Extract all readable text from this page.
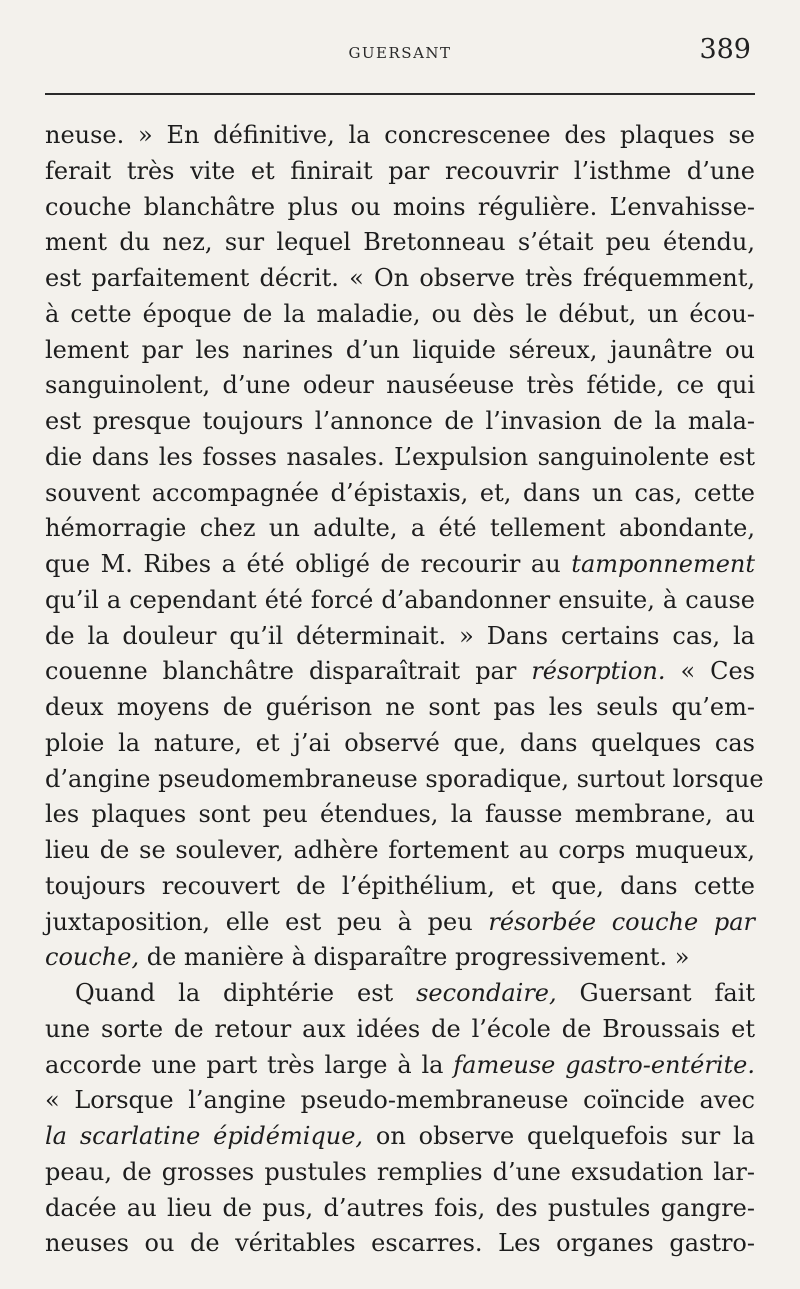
GUERSANT	389
neuse. » En définitive, la concrescenee des plaques se
ferait très vite et finirait par recouvrir l’isthme d’une
couche blanchâtre plus ou moins régulière. L’envahisse-
ment du nez, sur lequel Bretonneau s’était peu étendu,
est parfaitement décrit. « On observe très fréquemment,
à cette époque de la maladie, ou dès le début, un écou-
lement par les narines d’un liquide séreux, jaunâtre ou
sanguinolent, d’une odeur nauséeuse très fétide, ce qui
est presque toujours l’annonce de l’invasion de la mala-
die dans les fosses nasales. L’expulsion sanguinolente est
souvent accompagnée d’épistaxis, et, dans un cas, cette
hémorragie chez un adulte, a été tellement abondante,
que M. Ribes a été obligé de recourir au tamponnement
qu’il a cependant été forcé d’abandonner ensuite, à cause
de la douleur qu’il déterminait. » Dans certains cas, la
couenne blanchâtre disparaîtrait par résorption. « Ces
deux moyens de guérison ne sont pas les seuls qu’em-
ploie la nature, et j’ai observé que, dans quelques cas
d’angine pseudomembraneuse sporadique, surtout lorsque
les plaques sont peu étendues, la fausse membrane, au
lieu de se soulever, adhère fortement au corps muqueux,
toujours recouvert de l’épithélium, et que, dans cette
juxtaposition, elle est peu à peu résorbée couche par
couche, de manière à disparaître progressivement. »
Quand la diphtérie est secondaire, Guersant fait
une sorte de retour aux idées de l’école de Broussais et
accorde une part très large à la fameuse gastro-entérite.
« Lorsque l’angine pseudo-membraneuse coïncide avec
la scarlatine épidémique, on observe quelquefois sur la
peau, de grosses pustules remplies d’une exsudation lar-
dacée au lieu de pus, d’autres fois, des pustules gangre-
neuses ou de véritables escarres. Les organes gastro-
